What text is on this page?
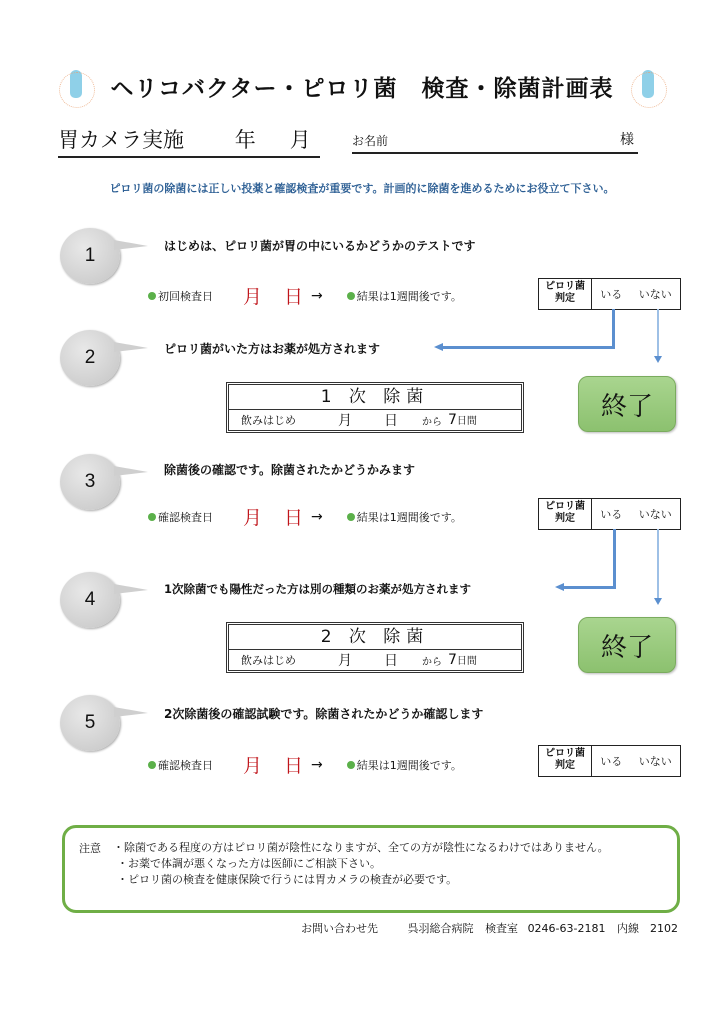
ヘリコバクター・ピロリ菌　検査・除菌計画表
胃カメラ実施 年 月	お名前	様
ピロリ菌の除菌には正しい投薬と確認検査が重要です。計画的に除菌を進めるためにお役立て下さい。
1	はじめは、ピロリ菌が胃の中にいるかどうかのテストです
初回検査日 月 日 →	結果は1週間後です。
ピロリ菌
判定	いる いない
2	ピロリ菌がいた方はお薬が処方されます
1 次 除菌
飲みはじめ	月 日 から 7日間	終了
3
除菌後の確認です。除菌されたかどうかみます
確認検査日 月 日 →	結果は1週間後です。
ピロリ菌
判定	いる いない
4	1次除菌でも陽性だった方は別の種類のお薬が処方されます
2 次 除菌
飲みはじめ	月 日 から 7日間	終了
5	2次除菌後の確認試験です。除菌されたかどうか確認します
確認検査日 月 日 →	結果は1週間後です。
ピロリ菌
判定	いる いない
注意 ・除菌である程度の方はピロリ菌が陰性になりますが、全ての方が陰性になるわけではありません。
・お薬で体調が悪くなった方は医師にご相談下さい。
・ピロリ菌の検査を健康保険で行うには胃カメラの検査が必要です。
お問い合わせ先	呉羽総合病院 検査室 0246-63-2181 内線　2102
